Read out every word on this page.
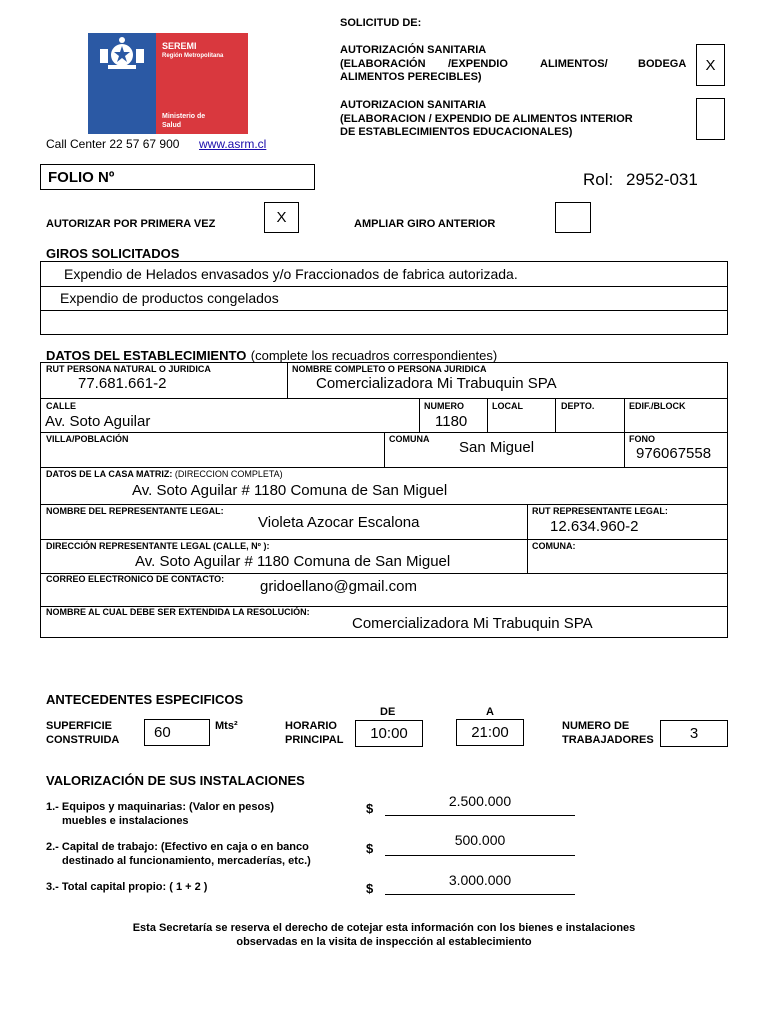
SEREMI
Región Metropolitana
Ministerio de
Salud
Call Center 22 57 67 900 www.asrm.cl
SOLICITUD DE:
AUTORIZACIÓN SANITARIA
(ELABORACIÓN /EXPENDIO	ALIMENTOS/	BODEGA
ALIMENTOS PERECIBLES)
X
AUTORIZACION SANITARIA
(ELABORACION / EXPENDIO DE ALIMENTOS INTERIOR
DE ESTABLECIMIENTOS EDUCACIONALES)
FOLIO Nº	Rol: 2952-031
AUTORIZAR POR PRIMERA VEZ	X	AMPLIAR GIRO ANTERIOR
GIROS SOLICITADOS
Expendio de Helados envasados y/o Fraccionados de fabrica autorizada.
Expendio de productos congelados
DATOS DEL ESTABLECIMIENTO (complete los recuadros correspondientes)
RUT PERSONA NATURAL O JURIDICA
77.681.661-2
NOMBRE COMPLETO O PERSONA JURIDICA
Comercializadora Mi Trabuquin SPA
CALLE
Av. Soto Aguilar
NUMERO
1180
LOCAL	DEPTO.	EDIF./BLOCK
VILLA/POBLACIÓN	COMUNA San Miguel	FONO
976067558
DATOS DE LA CASA MATRIZ: (DIRECCION COMPLETA)
Av. Soto Aguilar # 1180 Comuna de San Miguel
NOMBRE DEL REPRESENTANTE LEGAL:
Violeta Azocar Escalona
RUT REPRESENTANTE LEGAL:
12.634.960-2
DIRECCIÓN REPRESENTANTE LEGAL (CALLE, Nº ):
Av. Soto Aguilar # 1180 Comuna de San Miguel
COMUNA:
CORREO ELECTRONICO DE CONTACTO: gridoellano@gmail.com
NOMBRE AL CUAL DEBE SER EXTENDIDA LA RESOLUCIÓN:
Comercializadora Mi Trabuquin SPA
ANTECEDENTES ESPECIFICOS
SUPERFICIE
CONSTRUIDA 60	Mts²	HORARIO
PRINCIPAL
DE	A
10:00	21:00	NUMERO DE
TRABAJADORES	3
VALORIZACIÓN DE SUS INSTALACIONES
1.- Equipos y maquinarias: (Valor en pesos)
muebles e instalaciones
$	2.500.000
2.- Capital de trabajo: (Efectivo en caja o en banco
destinado al funcionamiento, mercaderías, etc.)
$
500.000
3.- Total capital propio: ( 1 + 2 )	$
3.000.000
Esta Secretaría se reserva el derecho de cotejar esta información con los bienes e instalaciones
observadas en la visita de inspección al establecimiento
